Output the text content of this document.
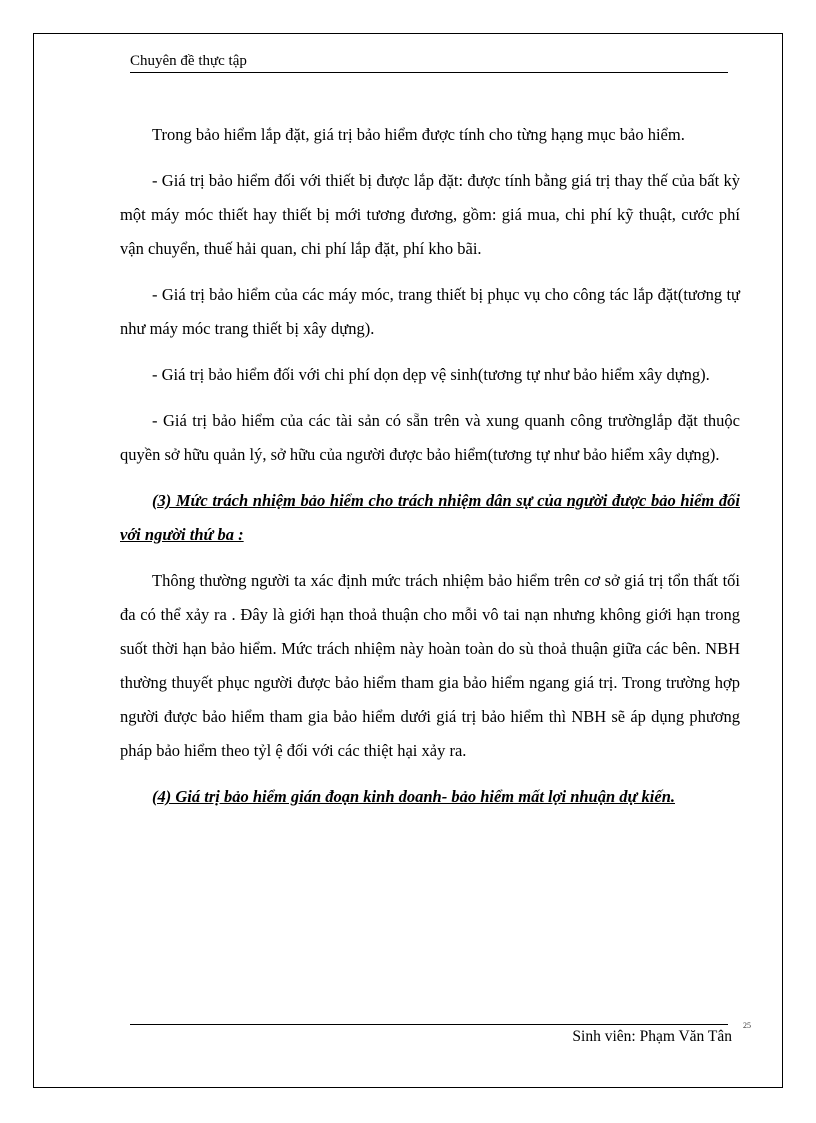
Chuyên đề thực tập

Trong bảo hiểm lắp đặt, giá trị bảo hiểm được tính cho từng hạng mục bảo hiểm.

- Giá trị bảo hiểm đối với thiết bị được lắp đặt: được tính bằng giá trị thay thế của bất kỳ một máy móc thiết hay thiết bị mới tương đương, gồm: giá mua, chi phí kỹ thuật, cước phí vận chuyển, thuế hải quan, chi phí lắp đặt, phí kho bãi.

- Giá trị bảo hiểm của các máy móc, trang thiết bị phục vụ cho công tác lắp đặt(tương tự như máy móc trang thiết bị xây dựng).

- Giá trị bảo hiểm đối với chi phí dọn dẹp vệ sinh(tương tự như bảo hiểm xây dựng).

- Giá trị bảo hiểm của các tài sản có sẵn trên và xung quanh công trườnglắp đặt thuộc quyền sở hữu quản lý, sở hữu của người được bảo hiểm(tương tự như bảo hiểm xây dựng).

(3) Mức trách nhiệm bảo hiểm cho trách nhiệm dân sự của người được bảo hiểm đối với người thứ ba :

Thông thường người ta xác định mức trách nhiệm bảo hiểm trên cơ sở giá trị tổn thất tối đa có thể xảy ra . Đây là giới hạn thoả thuận cho mỗi vô tai nạn nhưng không giới hạn trong suốt thời hạn bảo hiểm. Mức trách nhiệm này hoàn toàn do sù thoả thuận giữa các bên. NBH thường thuyết phục người được bảo hiểm tham gia bảo hiểm ngang giá trị. Trong trường hợp người được bảo hiểm tham gia bảo hiểm dưới giá trị bảo hiểm thì NBH sẽ áp dụng phương pháp bảo hiểm theo tỷl ệ đối với các thiệt hại xảy ra.

(4) Giá trị bảo hiểm gián đoạn kinh doanh- bảo hiểm mất lợi nhuận dự kiến.

Sinh viên: Phạm Văn Tân
25
